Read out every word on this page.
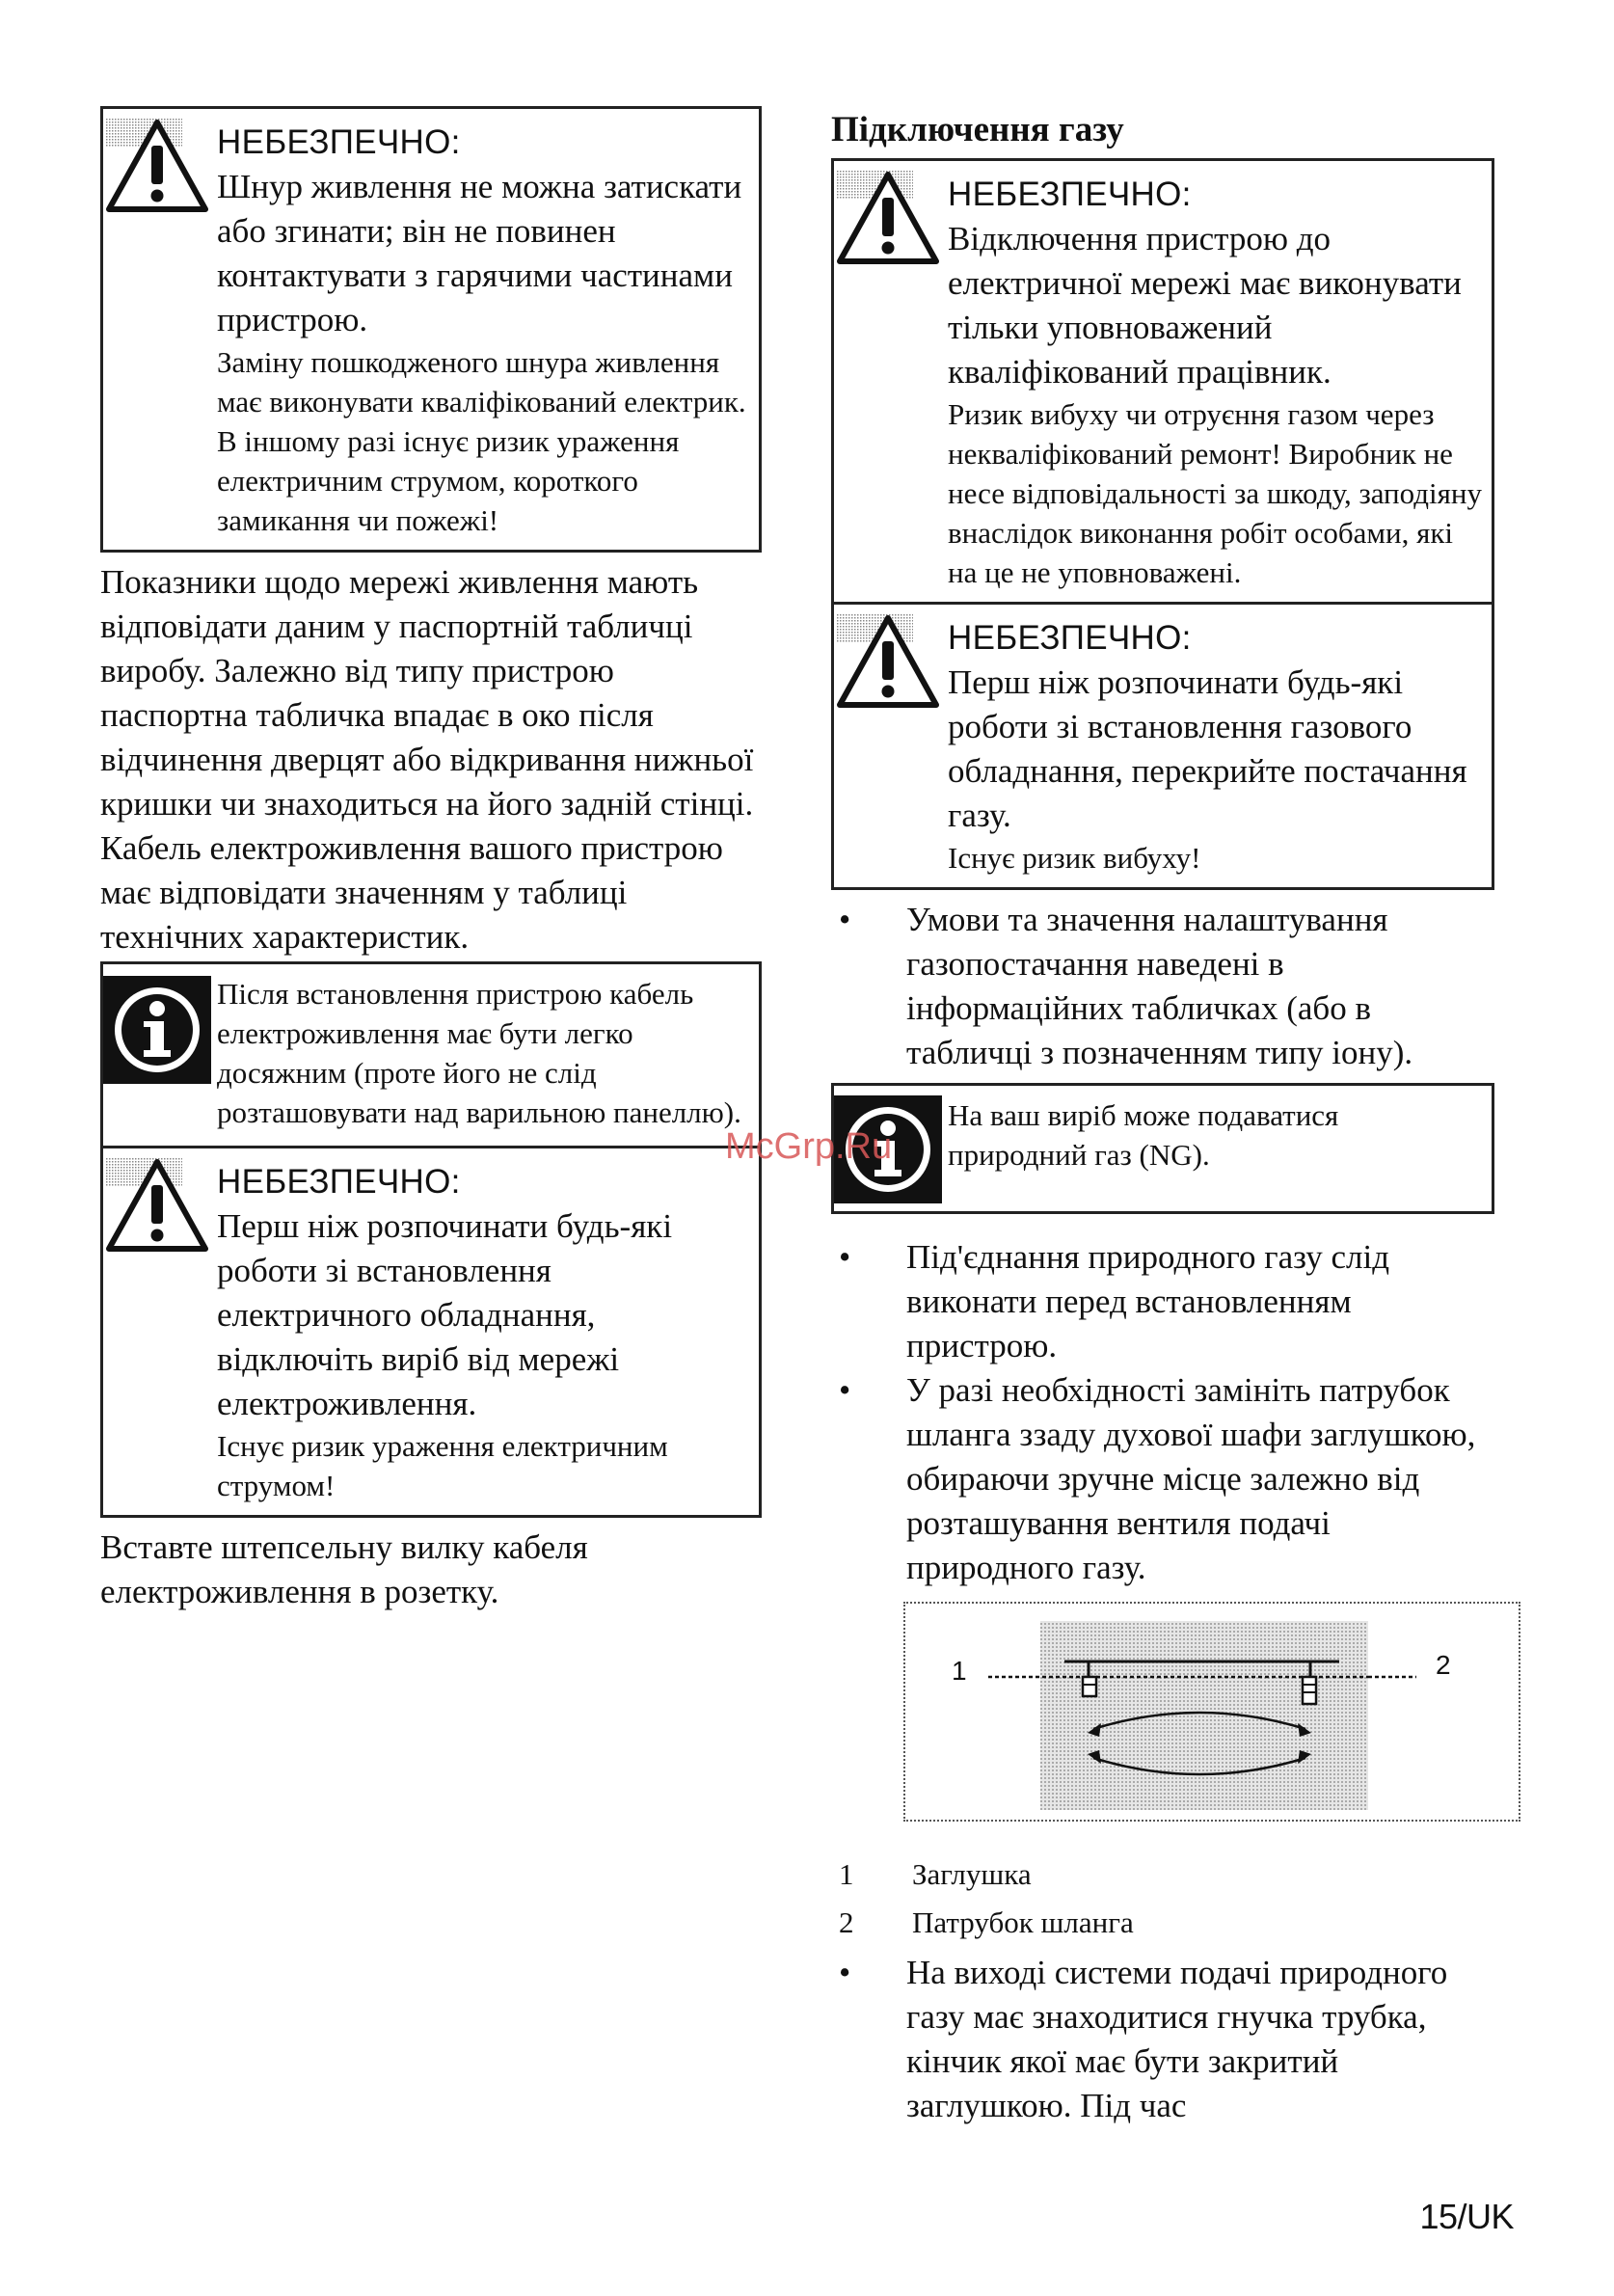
НЕБЕЗПЕЧНО:
Шнур живлення не можна затискати або згинати; він не повинен контактувати з гарячими частинами пристрою.
Заміну пошкодженого шнура живлення має виконувати кваліфікований електрик. В іншому разі існує ризик ураження електричним струмом, короткого замикання чи пожежі!

Показники щодо мережі живлення мають відповідати даним у паспортній табличці виробу. Залежно від типу пристрою паспортна табличка впадає в око після відчинення дверцят або відкривання нижньої кришки чи знаходиться на його задній стінці. Кабель електроживлення вашого пристрою має відповідати значенням у таблиці технічних характеристик.

Після встановлення пристрою кабель електроживлення має бути легко досяжним (проте його не слід розташовувати над варильною панеллю).
НЕБЕЗПЕЧНО:
Перш ніж розпочинати будь-які роботи зі встановлення електричного обладнання, відключіть виріб від мережі електроживлення.
Існує ризик ураження електричним струмом!

Вставте штепсельну вилку кабеля електроживлення в розетку.

Підключення газу
НЕБЕЗПЕЧНО:
Відключення пристрою до електричної мережі має виконувати тільки уповноважений кваліфікований працівник.
Ризик вибуху чи отруєння газом через некваліфікований ремонт! Виробник не несе відповідальності за шкоду, заподіяну внаслідок виконання робіт особами, які на це не уповноважені.
НЕБЕЗПЕЧНО:
Перш ніж розпочинати будь-які роботи зі встановлення газового обладнання, перекрийте постачання газу.
Існує ризик вибуху!
• Умови та значення налаштування газопостачання наведені в інформаційних табличках (або в табличці з позначенням типу іону).
На ваш виріб може подаватися природний газ (NG).
• Під'єднання природного газу слід виконати перед встановленням пристрою.
• У разі необхідності замініть патрубок шланга ззаду духової шафи заглушкою, обираючи зручне місце залежно від розташування вентиля подачі природного газу.
1	2
1	Заглушка
2	Патрубок шланга
• На виході системи подачі природного газу має знаходитися гнучка трубка, кінчик якої має бути закритий заглушкою. Під час
McGrp.Ru
15/UK
